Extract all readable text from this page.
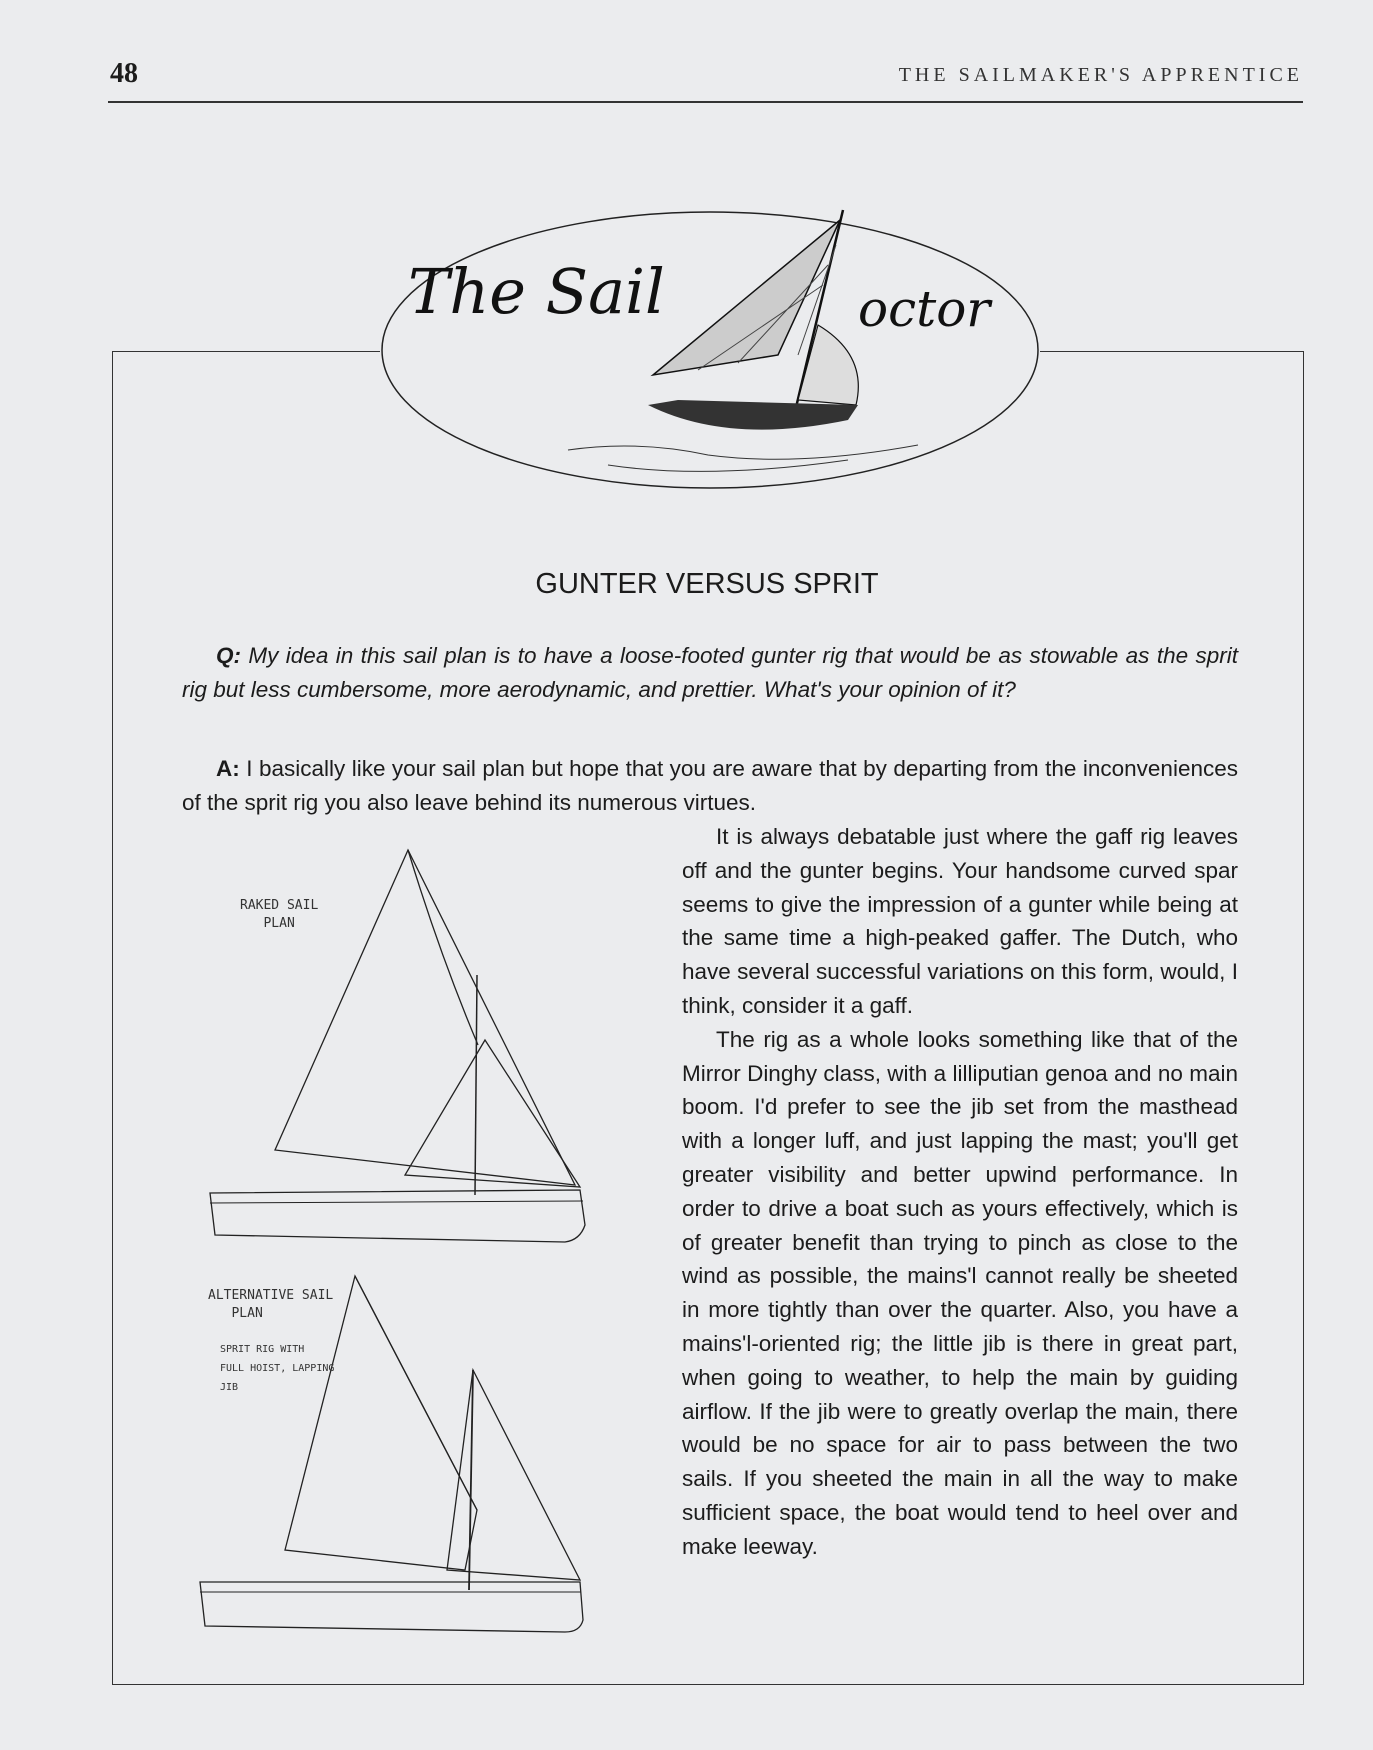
48	THE SAILMAKER'S APPRENTICE
The Sail	octor
GUNTER VERSUS SPRIT

Q: My idea in this sail plan is to have a loose-footed gunter rig that would be as stowable as the sprit rig but less cumbersome, more aerodynamic, and prettier. What's your opinion of it?

A: I basically like your sail plan but hope that you are aware that by departing from the inconveniences of the sprit rig you also leave behind its numerous virtues.

It is always debatable just where the gaff rig leaves off and the gunter begins. Your handsome curved spar seems to give the impression of a gunter while being at the same time a high-peaked gaffer. The Dutch, who have several successful variations on this form, would, I think, consider it a gaff.

The rig as a whole looks something like that of the Mirror Dinghy class, with a lilliputian genoa and no main boom. I'd prefer to see the jib set from the masthead with a longer luff, and just lapping the mast; you'll get greater visibility and better upwind performance. In order to drive a boat such as yours effectively, which is of greater benefit than trying to pinch as close to the wind as possible, the mains'l cannot really be sheeted in more tightly than over the quarter. Also, you have a mains'l-oriented rig; the little jib is there in great part, when going to weather, to help the main by guiding airflow. If the jib were to greatly overlap the main, there would be no space for air to pass between the two sails. If you sheeted the main in all the way to make sufficient space, the boat would tend to heel over and make leeway.

RAKED SAIL
PLAN
ALTERNATIVE SAIL
PLAN
SPRIT RIG WITH
FULL HOIST, LAPPING
JIB
